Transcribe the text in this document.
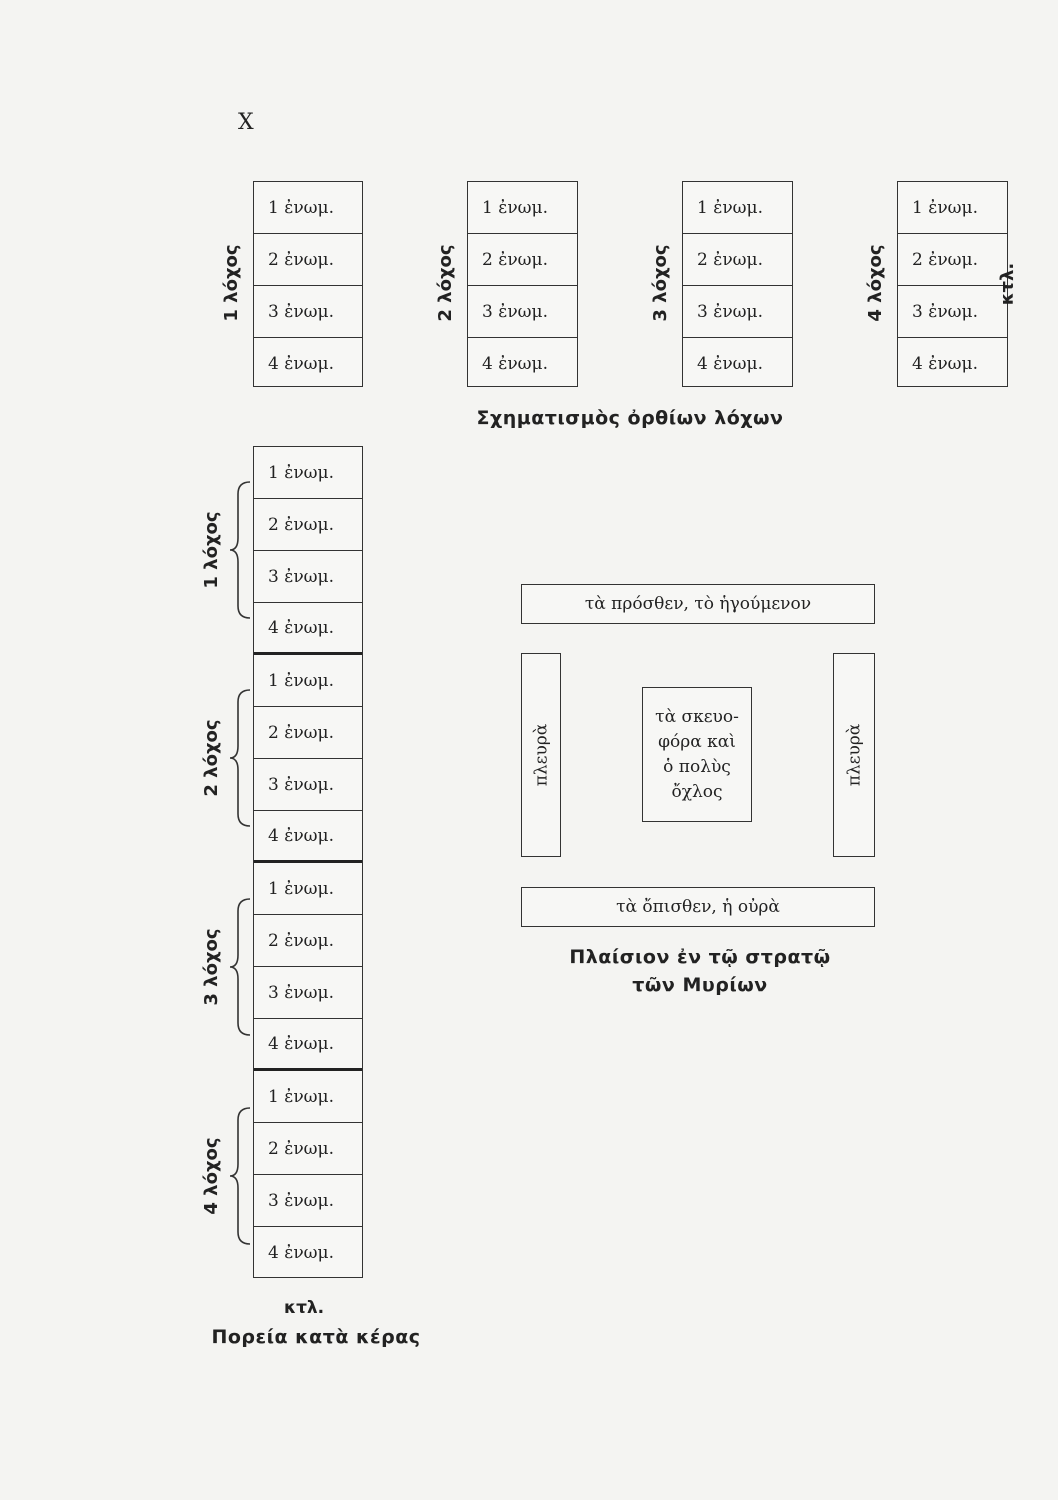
X
1 λόχος
1 ἐνωμ.
2 ἐνωμ.
3 ἐνωμ.
4 ἐνωμ.
2 λόχος
1 ἐνωμ.
2 ἐνωμ.
3 ἐνωμ.
4 ἐνωμ.
3 λόχος
1 ἐνωμ.
2 ἐνωμ.
3 ἐνωμ.
4 ἐνωμ.
4 λόχος
1 ἐνωμ.
2 ἐνωμ.
3 ἐνωμ.
4 ἐνωμ.
κτλ.
Σχηματισμὸς ὀρθίων λόχων
1 ἐνωμ.
2 ἐνωμ.
3 ἐνωμ.
4 ἐνωμ.
1 ἐνωμ.
2 ἐνωμ.
3 ἐνωμ.
4 ἐνωμ.
1 ἐνωμ.
2 ἐνωμ.
3 ἐνωμ.
4 ἐνωμ.
1 ἐνωμ.
2 ἐνωμ.
3 ἐνωμ.
4 ἐνωμ.
1 λόχος
2 λόχος
3 λόχος
4 λόχος
κτλ.
Πορεία κατὰ κέρας
τὰ πρόσθεν, τὸ ἡγούμενον
πλευρὰ
τὰ σκευο-
φόρα καὶ
ὁ πολὺς
ὄχλος
πλευρὰ
τὰ ὄπισθεν, ἡ οὐρὰ
Πλαίσιον ἐν τῷ στρατῷ
τῶν Μυρίων
